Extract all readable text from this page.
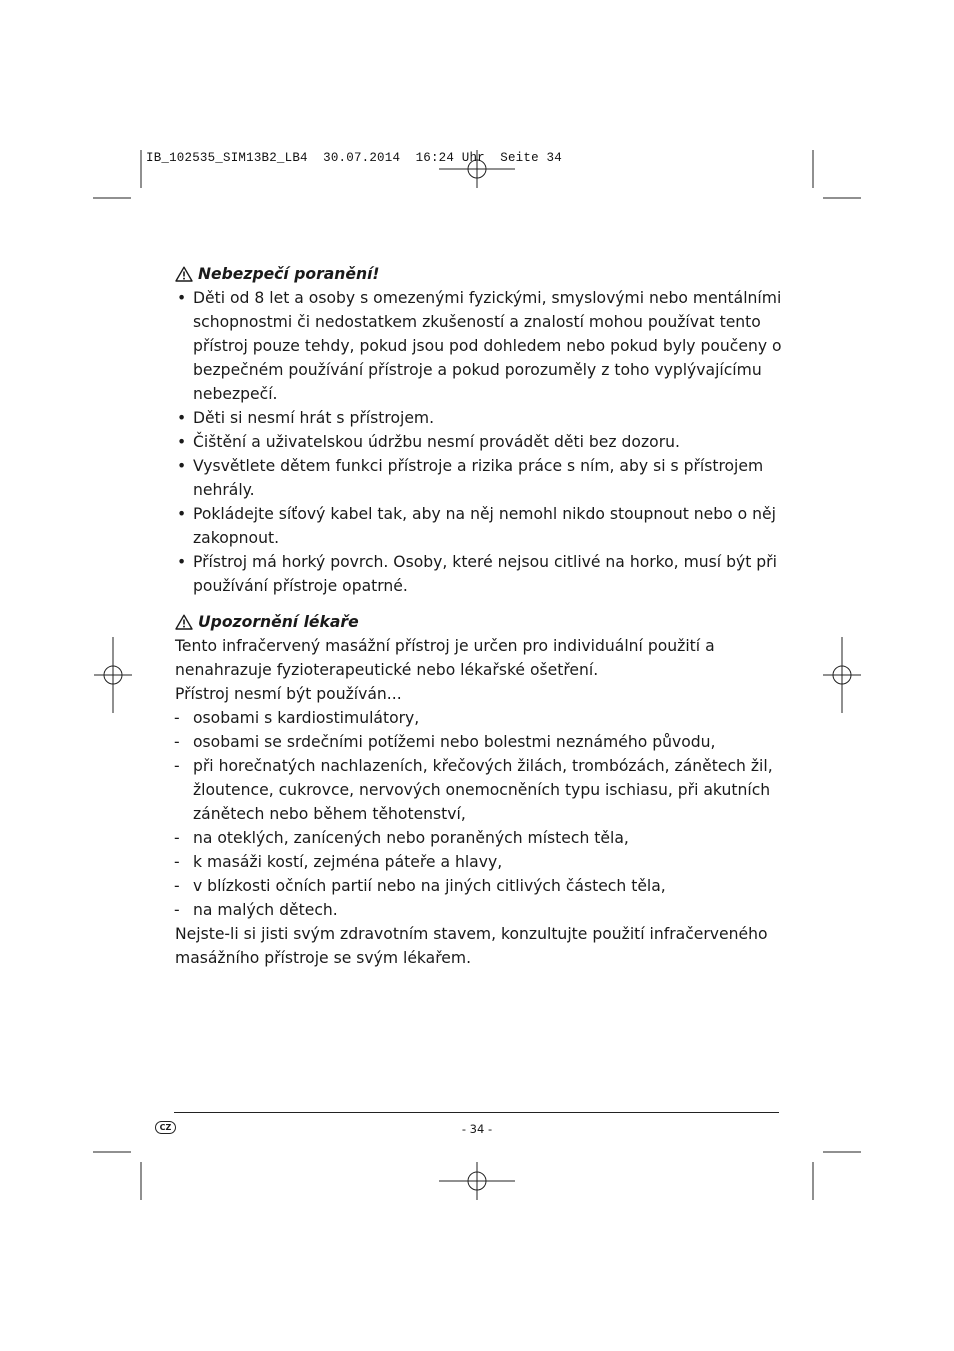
IB_102535_SIM13B2_LB4 30.07.2014 16:24 Uhr Seite 34
Nebezpečí poranění!
• Děti od 8 let a osoby s omezenými fyzickými, smyslovými nebo mentálními schopnostmi či nedostatkem zkušeností a znalostí mohou používat tento přístroj pouze tehdy, pokud jsou pod dohledem nebo pokud byly poučeny o bezpečném používání přístroje a pokud porozuměly z toho vyplývajícímu nebezpečí.
• Děti si nesmí hrát s přístrojem.
• Čištění a uživatelskou údržbu nesmí provádět děti bez dozoru.
• Vysvětlete dětem funkci přístroje a rizika práce s ním, aby si s přístrojem nehrály.
• Pokládejte síťový kabel tak, aby na něj nemohl nikdo stoupnout nebo o něj zakopnout.
• Přístroj má horký povrch. Osoby, které nejsou citlivé na horko, musí být při používání přístroje opatrné.
Upozornění lékaře

Tento infračervený masážní přístroj je určen pro individuální použití a nenahrazuje fyzioterapeutické nebo lékařské ošetření.

Přístroj nesmí být používán...

- osobami s kardiostimulátory,
- osobami se srdečními potížemi nebo bolestmi neznámého původu,
- při horečnatých nachlazeních, křečových žilách, trombózách, zánětech žil, žloutence, cukrovce, nervových onemocněních typu ischiasu, při akutních zánětech nebo během těhotenství,
- na oteklých, zanícených nebo poraněných místech těla,
- k masáži kostí, zejména páteře a hlavy,
- v blízkosti očních partií nebo na jiných citlivých částech těla,
- na malých dětech.

Nejste-li si jisti svým zdravotním stavem, konzultujte použití infračerveného masážního přístroje se svým lékařem.

CZ	- 34 -
